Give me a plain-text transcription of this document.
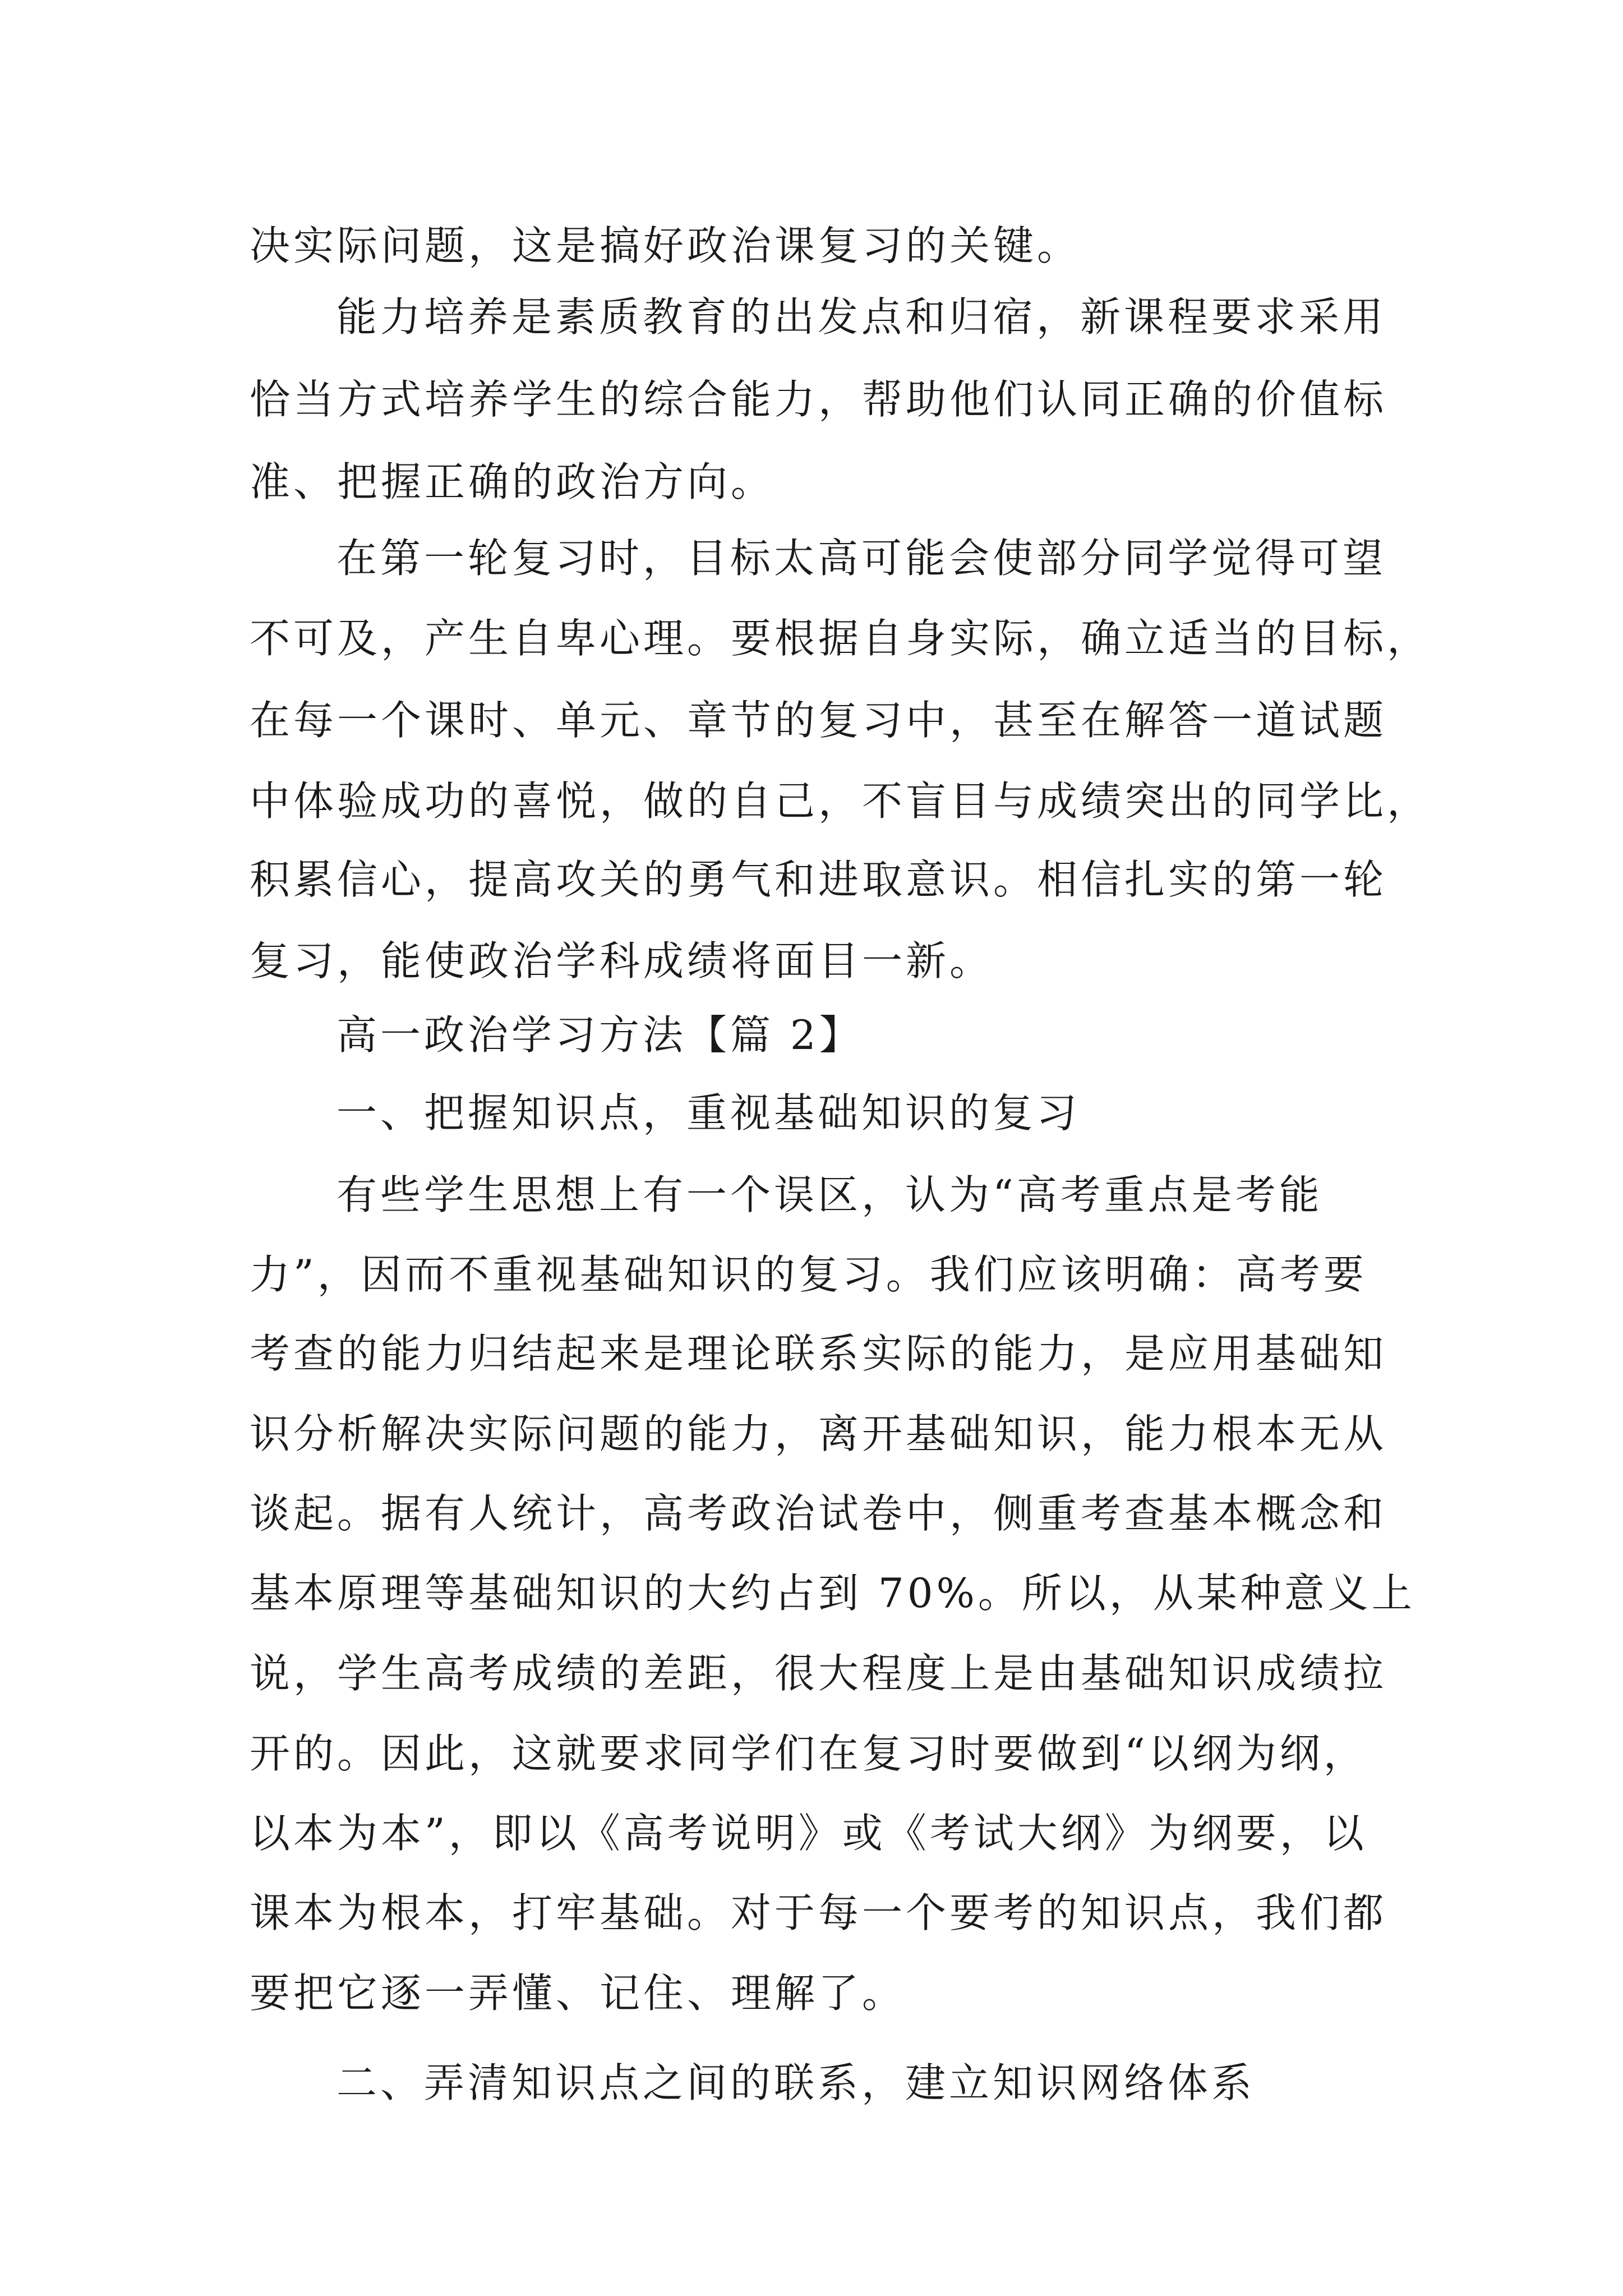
决实际问题，这是搞好政治课复习的关键。
能力培养是素质教育的出发点和归宿，新课程要求采用
恰当方式培养学生的综合能力，帮助他们认同正确的价值标
准、把握正确的政治方向。
在第一轮复习时，目标太高可能会使部分同学觉得可望
不可及，产生自卑心理。要根据自身实际，确立适当的目标，
在每一个课时、单元、章节的复习中，甚至在解答一道试题
中体验成功的喜悦，做的自己，不盲目与成绩突出的同学比，
积累信心，提高攻关的勇气和进取意识。相信扎实的第一轮
复习，能使政治学科成绩将面目一新。
高一政治学习方法【篇 2】
一、把握知识点，重视基础知识的复习
有些学生思想上有一个误区，认为“高考重点是考能
力”，因而不重视基础知识的复习。我们应该明确：高考要
考查的能力归结起来是理论联系实际的能力，是应用基础知
识分析解决实际问题的能力，离开基础知识，能力根本无从
谈起。据有人统计，高考政治试卷中，侧重考查基本概念和
基本原理等基础知识的大约占到 70%。所以，从某种意义上
说，学生高考成绩的差距，很大程度上是由基础知识成绩拉
开的。因此，这就要求同学们在复习时要做到“以纲为纲，
以本为本”，即以《高考说明》或《考试大纲》为纲要，以
课本为根本，打牢基础。对于每一个要考的知识点，我们都
要把它逐一弄懂、记住、理解了。
二、弄清知识点之间的联系，建立知识网络体系
